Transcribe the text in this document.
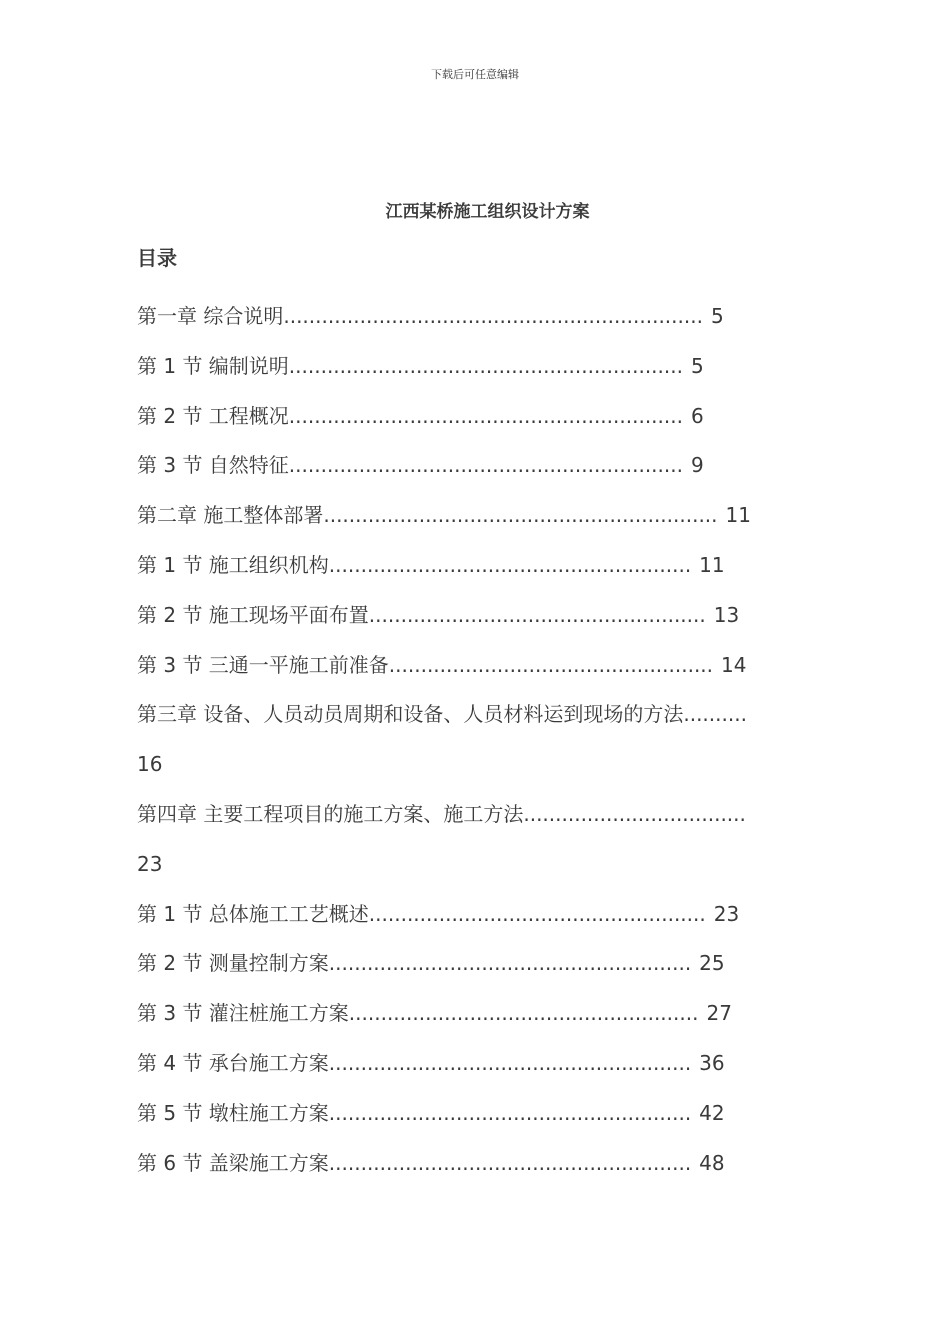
下载后可任意编辑
江西某桥施工组织设计方案
目录
第一章 综合说明.................................................................. 5
第 1 节 编制说明.............................................................. 5
第 2 节 工程概况.............................................................. 6
第 3 节 自然特征.............................................................. 9
第二章 施工整体部署.............................................................. 11
第 1 节 施工组织机构......................................................... 11
第 2 节 施工现场平面布置..................................................... 13
第 3 节 三通一平施工前准备................................................... 14
第三章 设备、人员动员周期和设备、人员材料运到现场的方法..........
16
第四章 主要工程项目的施工方案、施工方法...................................
23
第 1 节 总体施工工艺概述..................................................... 23
第 2 节 测量控制方案......................................................... 25
第 3 节 灌注桩施工方案....................................................... 27
第 4 节 承台施工方案......................................................... 36
第 5 节 墩柱施工方案......................................................... 42
第 6 节 盖梁施工方案......................................................... 48
